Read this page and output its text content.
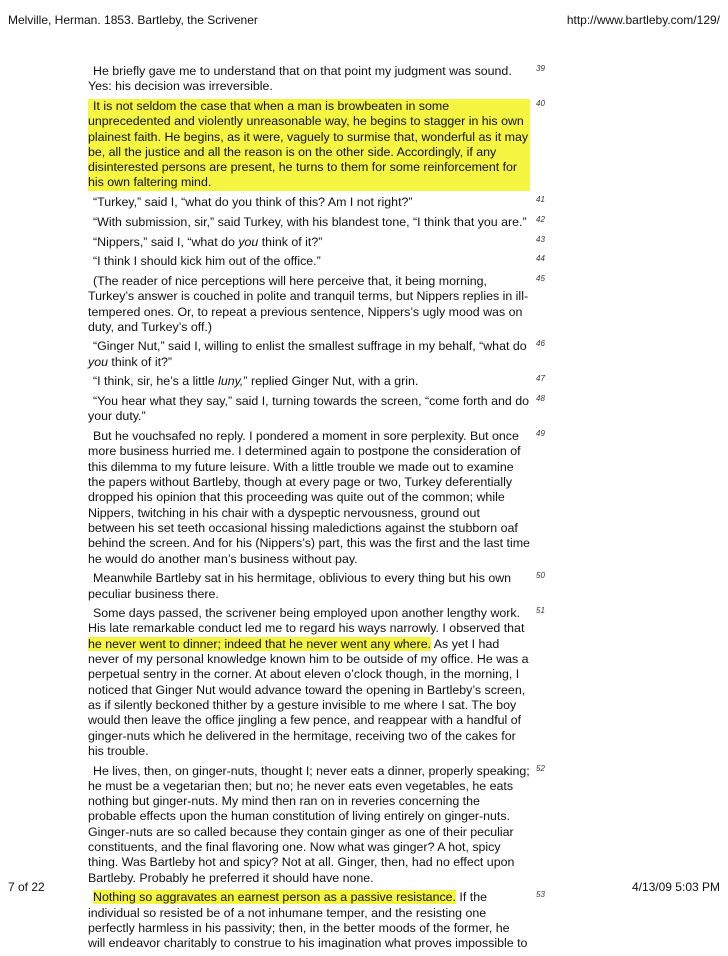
Melville, Herman. 1853. Bartleby, the Scrivener	http://www.bartleby.com/129/

He briefly gave me to understand that on that point my judgment was sound. Yes: his decision was irreversible.

39

It is not seldom the case that when a man is browbeaten in some unprecedented and violently unreasonable way, he begins to stagger in his own plainest faith. He begins, as it were, vaguely to surmise that, wonderful as it may be, all the justice and all the reason is on the other side. Accordingly, if any disinterested persons are present, he turns to them for some reinforcement for his own faltering mind.

40

“Turkey,” said I, “what do you think of this? Am I not right?”	41

“With submission, sir,” said Turkey, with his blandest tone, “I think that you are.”	42

“Nippers,” said I, “what do you think of it?”	43

“I think I should kick him out of the office.”	44

(The reader of nice perceptions will here perceive that, it being morning, Turkey’s answer is couched in polite and tranquil terms, but Nippers replies in ill-tempered ones. Or, to repeat a previous sentence, Nippers’s ugly mood was on duty, and Turkey’s off.)

45

“Ginger Nut,” said I, willing to enlist the smallest suffrage in my behalf, “what do you think of it?”

46

“I think, sir, he’s a little luny,” replied Ginger Nut, with a grin.	47

“You hear what they say,” said I, turning towards the screen, “come forth and do your duty.”

48

But he vouchsafed no reply. I pondered a moment in sore perplexity. But once more business hurried me. I determined again to postpone the consideration of this dilemma to my future leisure. With a little trouble we made out to examine the papers without Bartleby, though at every page or two, Turkey deferentially dropped his opinion that this proceeding was quite out of the common; while Nippers, twitching in his chair with a dyspeptic nervousness, ground out between his set teeth occasional hissing maledictions against the stubborn oaf behind the screen. And for his (Nippers’s) part, this was the first and the last time he would do another man’s business without pay.

49

Meanwhile Bartleby sat in his hermitage, oblivious to every thing but his own peculiar business there.

50

Some days passed, the scrivener being employed upon another lengthy work. His late remarkable conduct led me to regard his ways narrowly. I observed that he never went to dinner; indeed that he never went any where. As yet I had never of my personal knowledge known him to be outside of my office. He was a perpetual sentry in the corner. At about eleven o’clock though, in the morning, I noticed that Ginger Nut would advance toward the opening in Bartleby’s screen, as if silently beckoned thither by a gesture invisible to me where I sat. The boy would then leave the office jingling a few pence, and reappear with a handful of ginger-nuts which he delivered in the hermitage, receiving two of the cakes for his trouble.

51

He lives, then, on ginger-nuts, thought I; never eats a dinner, properly speaking; he must be a vegetarian then; but no; he never eats even vegetables, he eats nothing but ginger-nuts. My mind then ran on in reveries concerning the probable effects upon the human constitution of living entirely on ginger-nuts. Ginger-nuts are so called because they contain ginger as one of their peculiar constituents, and the final flavoring one. Now what was ginger? A hot, spicy thing. Was Bartleby hot and spicy? Not at all. Ginger, then, had no effect upon Bartleby. Probably he preferred it should have none.

52

Nothing so aggravates an earnest person as a passive resistance. If the individual so resisted be of a not inhumane temper, and the resisting one perfectly harmless in his passivity; then, in the better moods of the former, he will endeavor charitably to construe to his imagination what proves impossible to

53
7 of 22	4/13/09 5:03 PM
